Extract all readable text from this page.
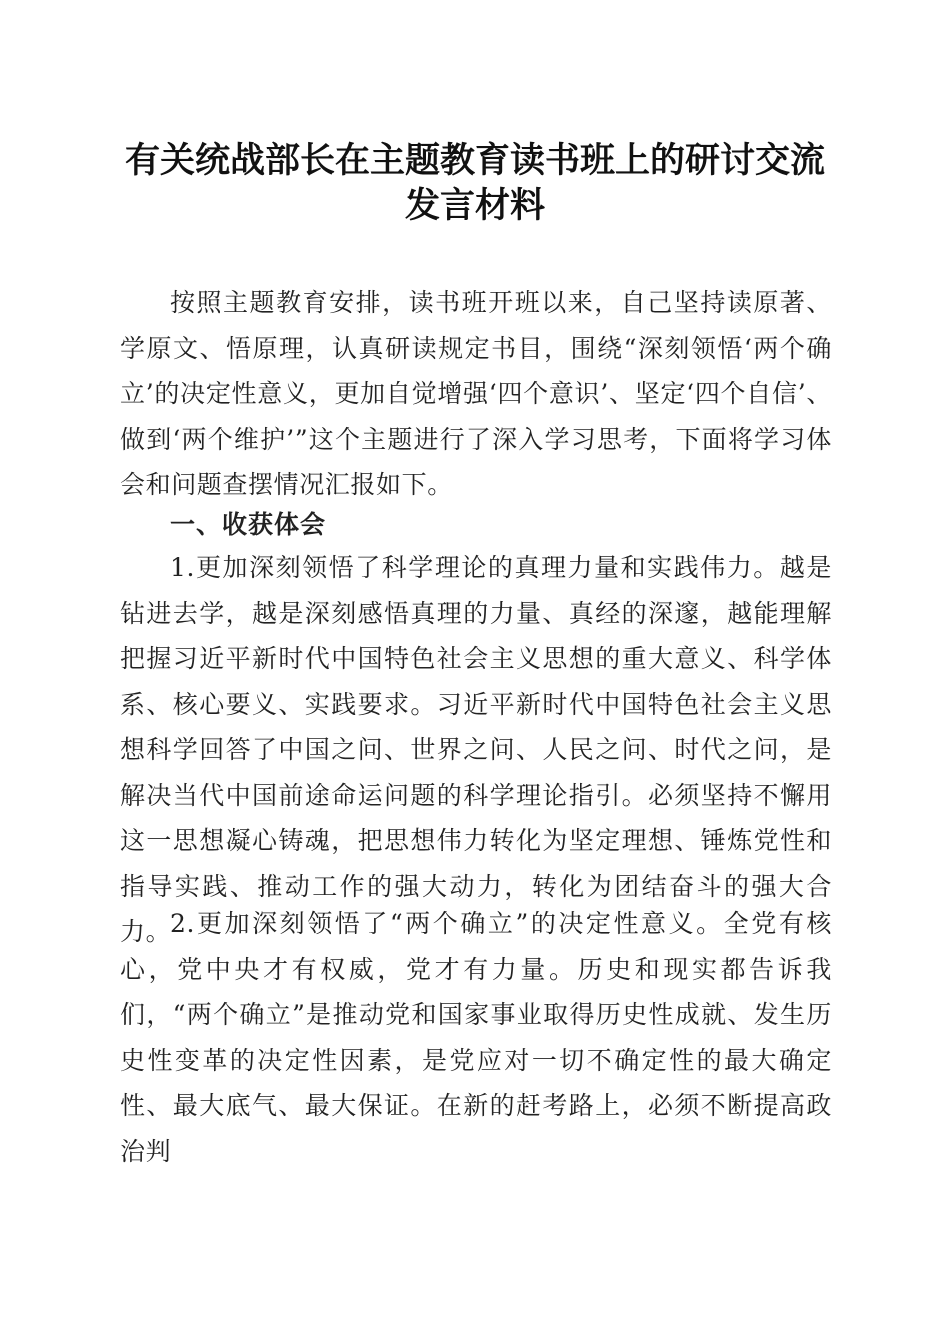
有关统战部长在主题教育读书班上的研讨交流
发言材料

按照主题教育安排，读书班开班以来，自己坚持读原著、学原文、悟原理，认真研读规定书目，围绕“深刻领悟‘两个确立’的决定性意义，更加自觉增强‘四个意识’、坚定‘四个自信’、做到‘两个维护’”这个主题进行了深入学习思考，下面将学习体会和问题查摆情况汇报如下。

一、收获体会

1.更加深刻领悟了科学理论的真理力量和实践伟力。越是钻进去学，越是深刻感悟真理的力量、真经的深邃，越能理解把握习近平新时代中国特色社会主义思想的重大意义、科学体系、核心要义、实践要求。习近平新时代中国特色社会主义思想科学回答了中国之问、世界之问、人民之问、时代之问，是解决当代中国前途命运问题的科学理论指引。必须坚持不懈用这一思想凝心铸魂，把思想伟力转化为坚定理想、锤炼党性和指导实践、推动工作的强大动力，转化为团结奋斗的强大合力。

2.更加深刻领悟了“两个确立”的决定性意义。全党有核心，党中央才有权威，党才有力量。历史和现实都告诉我们，“两个确立”是推动党和国家事业取得历史性成就、发生历史性变革的决定性因素，是党应对一切不确定性的最大确定性、最大底气、最大保证。在新的赶考路上，必须不断提高政治判
